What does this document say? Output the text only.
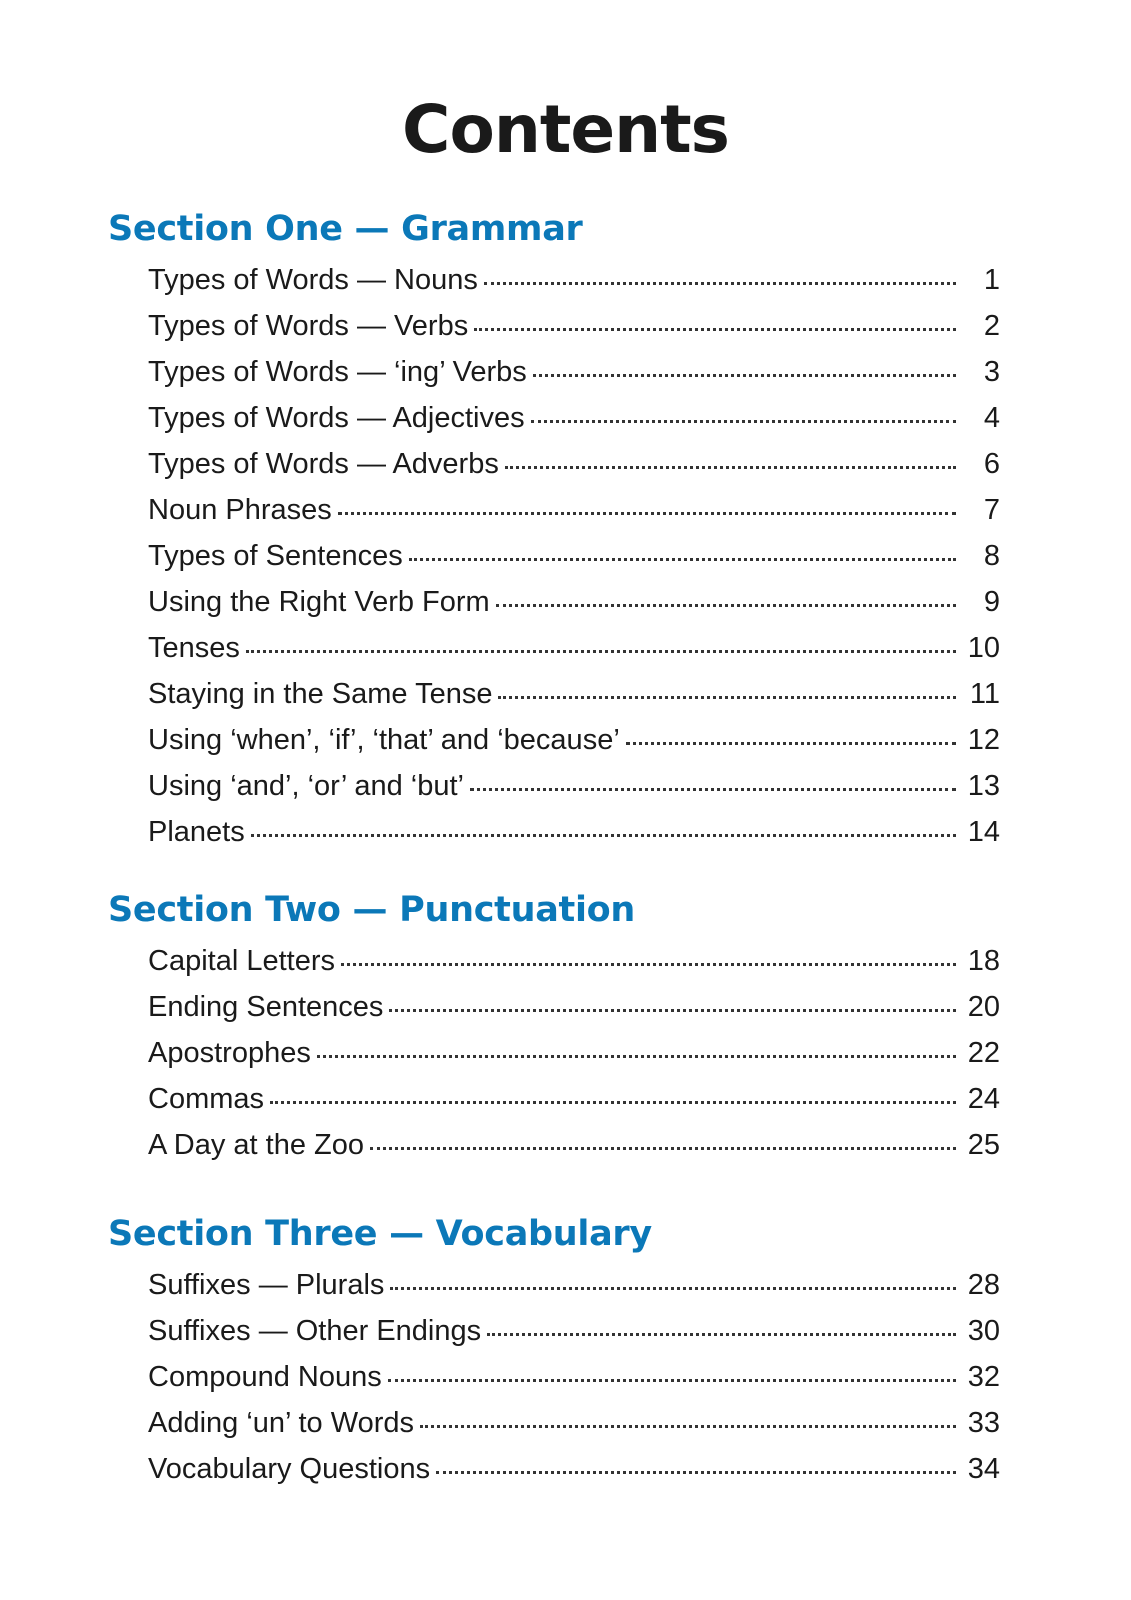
Contents
Section One — Grammar
Types of Words — Nouns	1
Types of Words — Verbs	2
Types of Words — ‘ing’ Verbs	3
Types of Words — Adjectives	4
Types of Words — Adverbs	6
Noun Phrases	7
Types of Sentences	8
Using the Right Verb Form	9
Tenses	10
Staying in the Same Tense	11
Using ‘when’, ‘if’, ‘that’ and ‘because’	12
Using ‘and’, ‘or’ and ‘but’	13
Planets	14
Section Two — Punctuation
Capital Letters	18
Ending Sentences	20
Apostrophes	22
Commas	24
A Day at the Zoo	25
Section Three — Vocabulary
Suffixes — Plurals	28
Suffixes — Other Endings	30
Compound Nouns	32
Adding ‘un’ to Words	33
Vocabulary Questions	34
